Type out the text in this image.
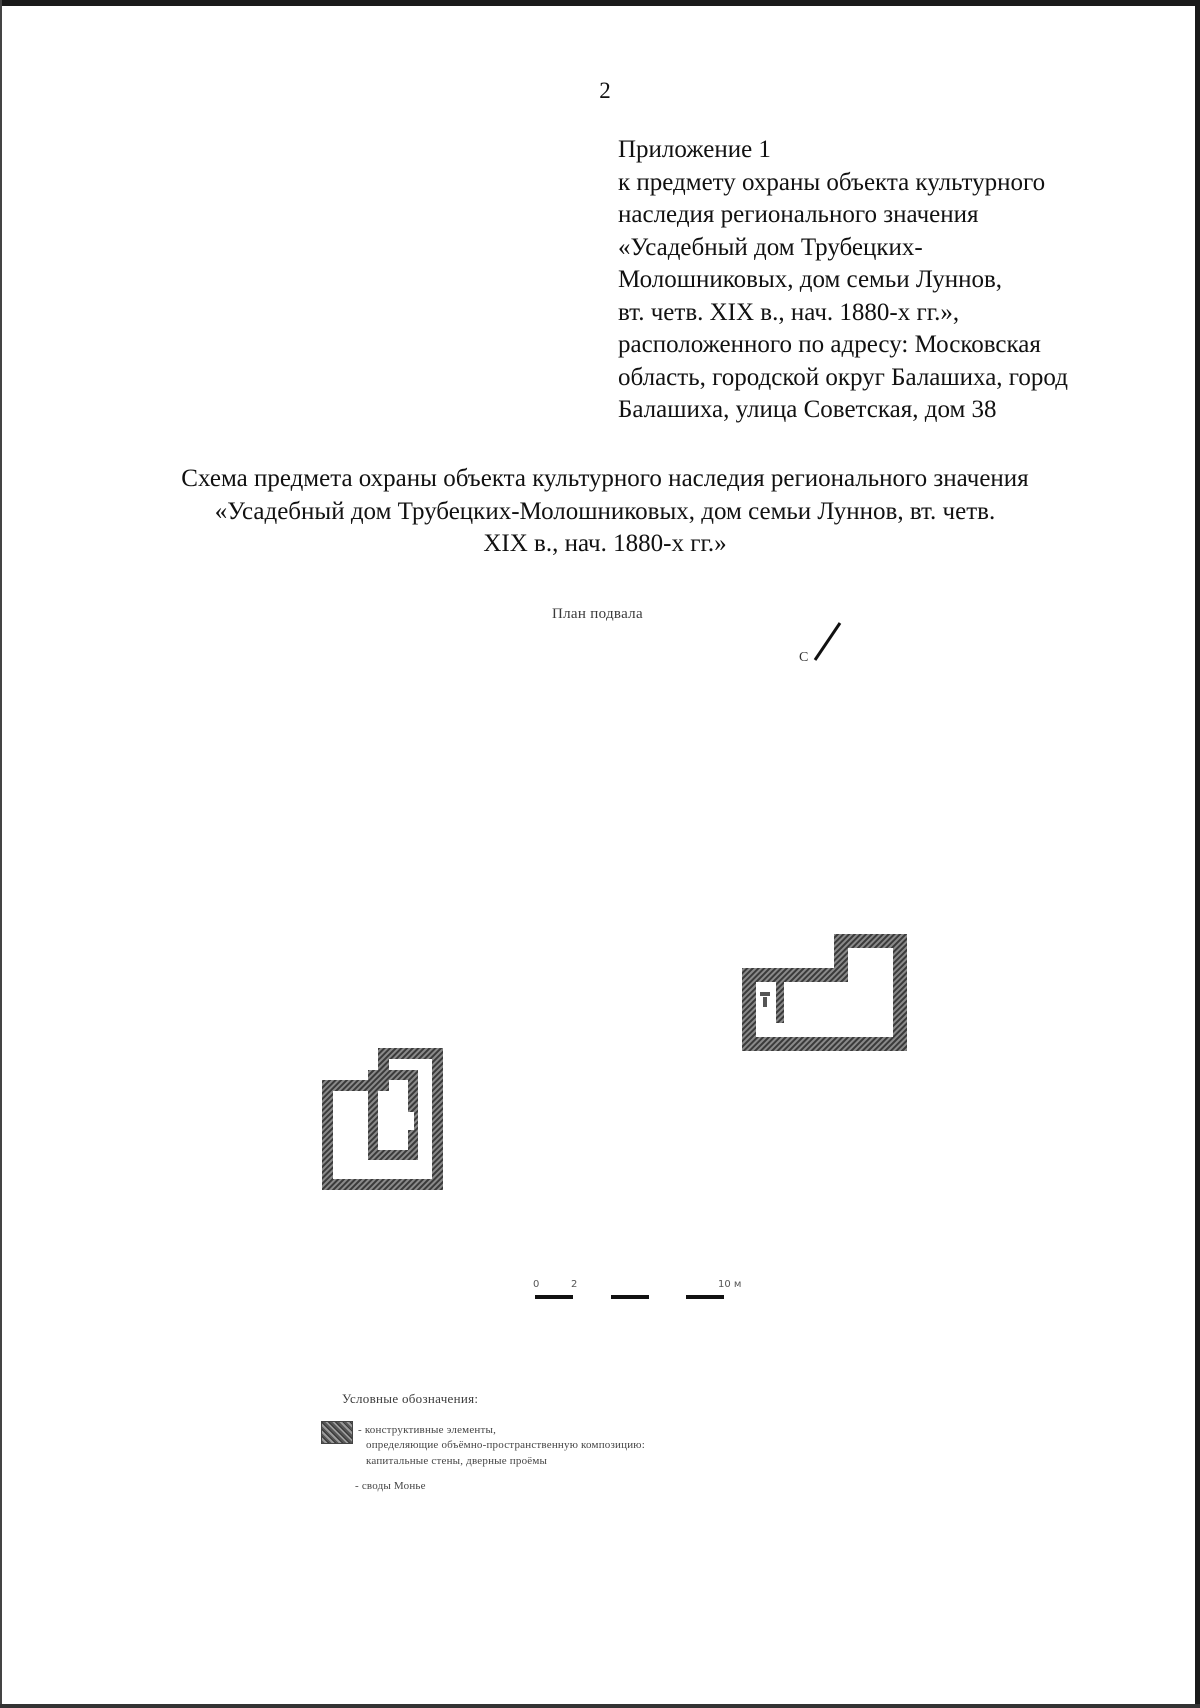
2
Приложение 1
к предмету охраны объекта культурного
наследия регионального значения
«Усадебный дом Трубецких-
Молошниковых, дом семьи Луннов,
вт. четв. XIX в., нач. 1880-х гг.»,
расположенного по адресу: Московская
область, городской округ Балашиха, город
Балашиха, улица Советская, дом 38
Схема предмета охраны объекта культурного наследия регионального значения
«Усадебный дом Трубецких-Молошниковых, дом семьи Луннов, вт. четв.
XIX в., нач. 1880-х гг.»
План подвала
С
0	2	10 м
Условные обозначения:
- конструктивные элементы,
определяющие объёмно-пространственную композицию:
капитальные стены, дверные проёмы
- своды Монье
